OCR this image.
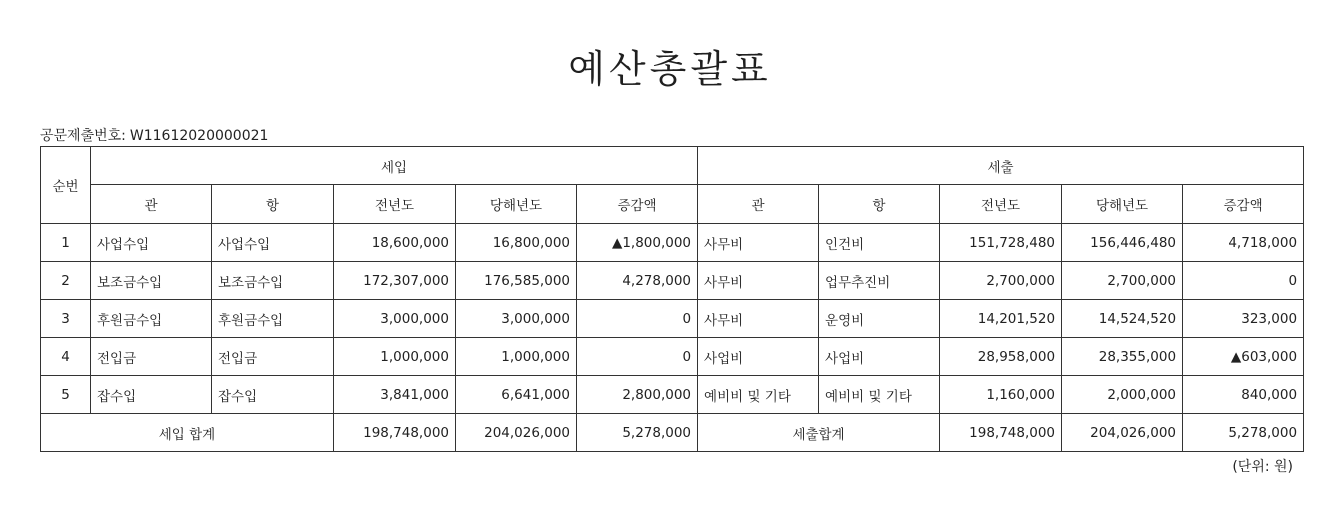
예산총괄표
공문제출번호: W11612020000021
순번	세입					세출				
	관	항	전년도	당해년도	증감액	관	항	전년도	당해년도	증감액
1	사업수입	사업수입	18,600,000	16,800,000	▲1,800,000	사무비	인건비	151,728,480	156,446,480	4,718,000
2	보조금수입	보조금수입	172,307,000	176,585,000	4,278,000	사무비	업무추진비	2,700,000	2,700,000	0
3	후원금수입	후원금수입	3,000,000	3,000,000	0	사무비	운영비	14,201,520	14,524,520	323,000
4	전입금	전입금	1,000,000	1,000,000	0	사업비	사업비	28,958,000	28,355,000	▲603,000
5	잡수입	잡수입	3,841,000	6,641,000	2,800,000	예비비 및 기타	예비비 및 기타	1,160,000	2,000,000	840,000
세입 합계			198,748,000	204,026,000	5,278,000	세출합계		198,748,000	204,026,000	5,278,000
(단위: 원)
